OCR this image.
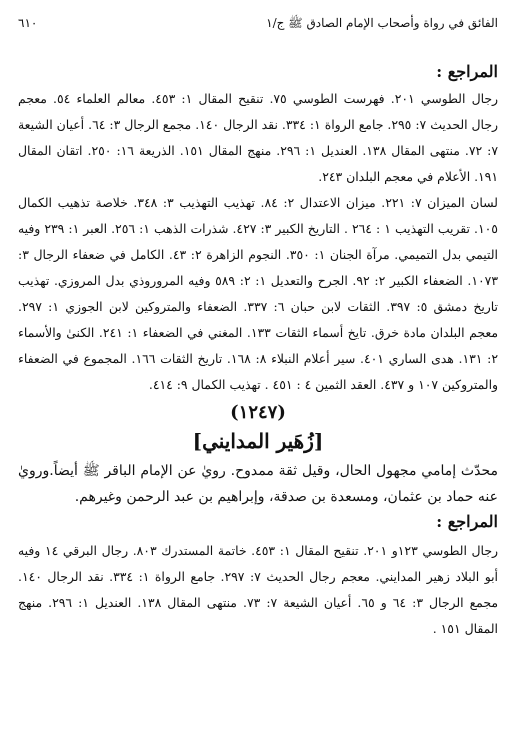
الفائق في رواة وأصحاب الإمام الصادق ﷺ ج/١
٦١٠
المراجع :

رجال الطوسي ٢٠١. فهرست الطوسي ٧٥. تنقيح المقال ١: ٤٥٣. معالم العلماء ٥٤. معجم رجال الحديث ٧: ٢٩٥. جامع الرواة ١: ٣٣٤. نقد الرجال ١٤٠. مجمع الرجال ٣: ٦٤. أعيان الشيعة ٧: ٧٢. منتهى المقال ١٣٨. العنديل ١: ٢٩٦. منهج المقال ١٥١. الذريعة ١٦: ٢٥٠. اتقان المقال ١٩١. الأعلام في معجم البلدان ٢٤٣.

لسان الميزان ٧: ٢٢١. ميزان الاعتدال ٢: ٨٤. تهذيب التهذيب ٣: ٣٤٨. خلاصة تذهيب الكمال ١٠٥. تقريب التهذيب ١ : ٢٦٤ . التاريخ الكبير ٣: ٤٢٧. شذرات الذهب ١: ٢٥٦. العبر ١: ٢٣٩ وفيه التيمي بدل التميمي. مرآة الجنان ١: ٣٥٠. النجوم الزاهرة ٢: ٤٣. الكامل في ضعفاء الرجال ٣: ١٠٧٣. الضعفاء الكبير ٢: ٩٢. الجرح والتعديل ١: ٢: ٥٨٩ وفيه المروروذي بدل المروزي. تهذيب تاريخ دمشق ٥: ٣٩٧. الثقات لابن حبان ٦: ٣٣٧. الضعفاء والمتروكين لابن الجوزي ١: ٢٩٧. معجم البلدان مادة خرق. تايخ أسماء الثقات ١٣٣. المغني في الضعفاء ١: ٢٤١. الكنىٰ والأسماء ٢: ١٣١. هدى الساري ٤٠١. سير أعلام النبلاء ٨: ١٦٨. تاريخ الثقات ١٦٦. المجموع في الضعفاء والمتروكين ١٠٧ و ٤٣٧. العقد الثمين ٤ : ٤٥١ . تهذيب الكمال ٩: ٤١٤.

(١٢٤٧)
[زُهَير المدايني]

محدّث إمامي مجهول الحال، وقيل ثقة ممدوح. رويٰ عن الإمام الباقر ﷺ أيضاً.ورويٰ عنه حماد بن عثمان، ومسعدة بن صدقة، وإبراهيم بن عبد الرحمن وغيرهم.

المراجع :

رجال الطوسي ١٢٣و ٢٠١. تنقيح المقال ١: ٤٥٣. خاتمة المستدرك ٨٠٣. رجال البرقي ١٤ وفيه أبو البلاد زهير المدايني. معجم رجال الحديث ٧: ٢٩٧. جامع الرواة ١: ٣٣٤. نقد الرجال ١٤٠. مجمع الرجال ٣: ٦٤ و ٦٥. أعيان الشيعة ٧: ٧٣. منتهى المقال ١٣٨. العنديل ١: ٢٩٦. منهج المقال ١٥١ .
